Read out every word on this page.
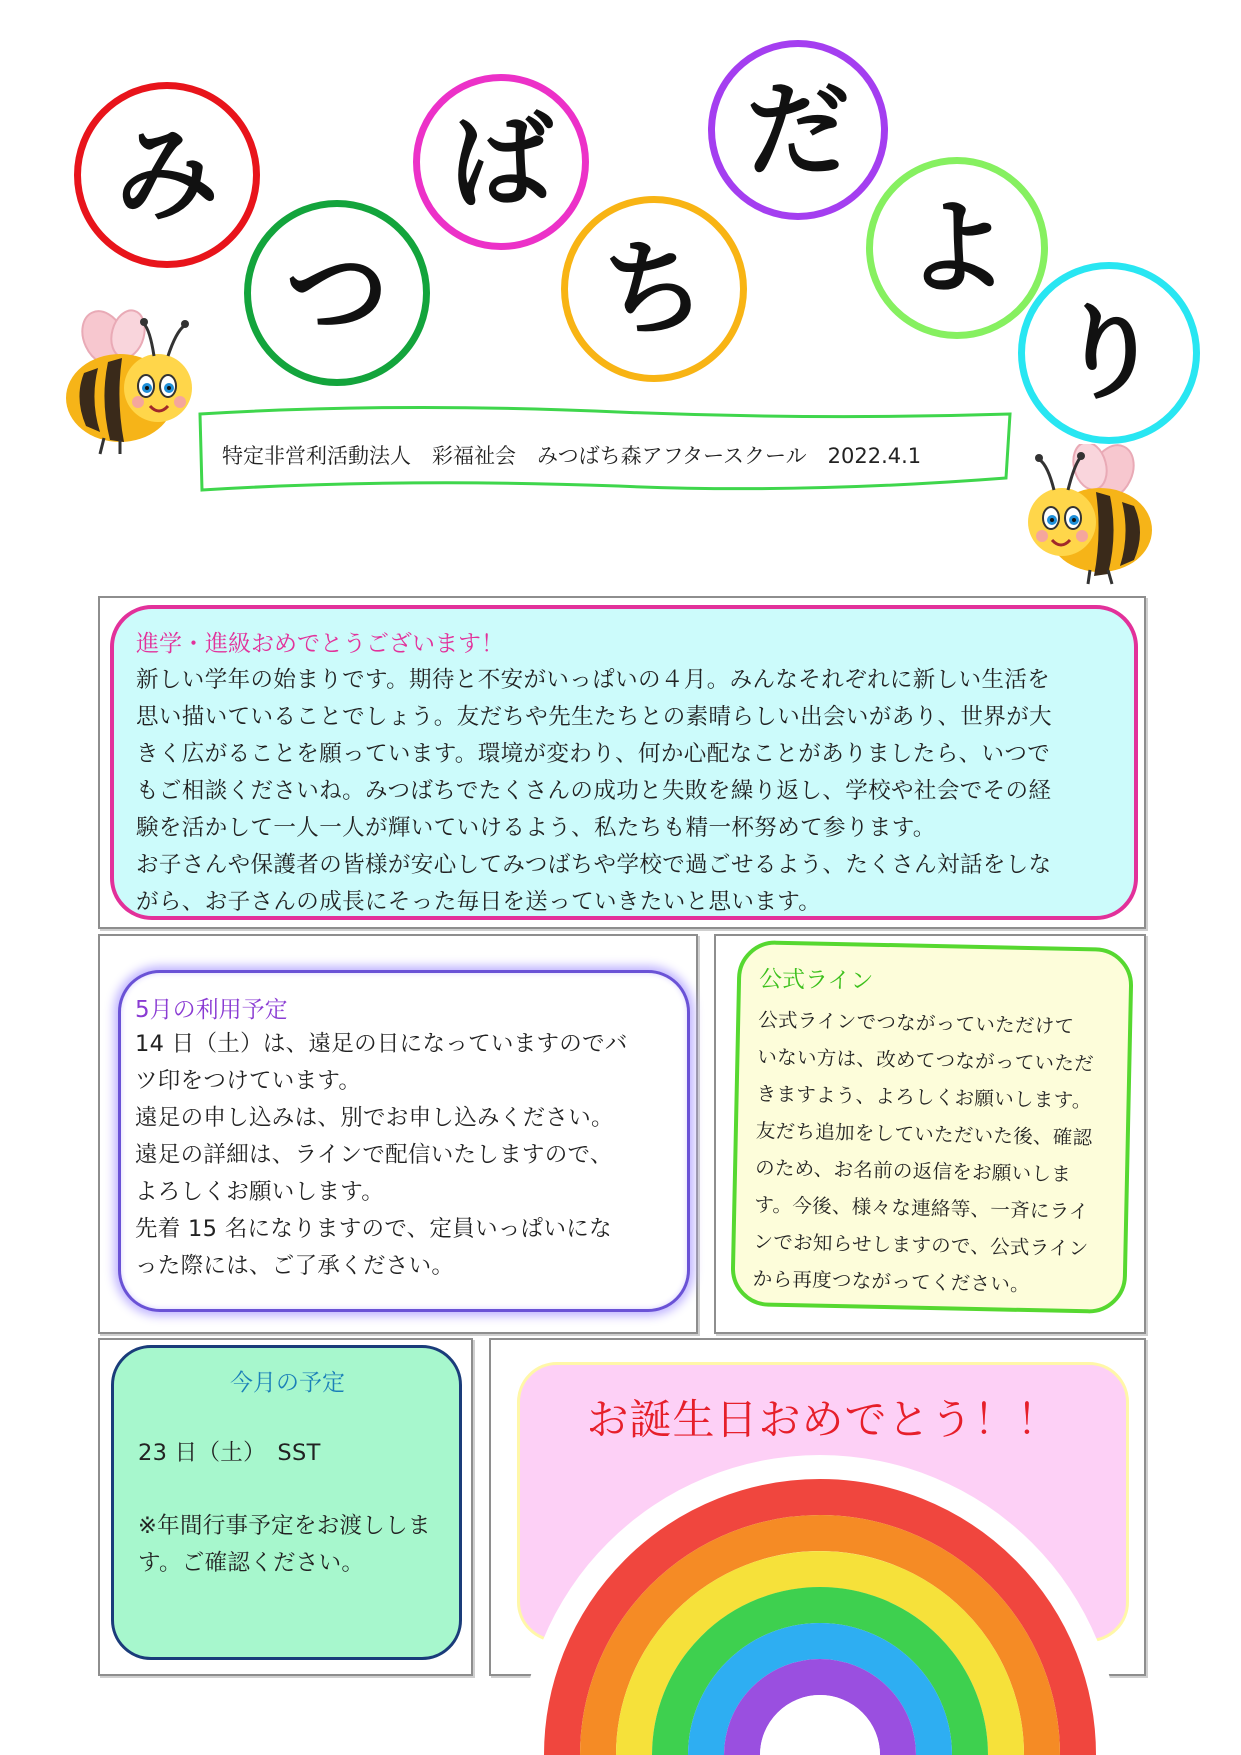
み
つ
ば
ち
だ
よ
り
特定非営利活動法人　彩福祉会　みつばち森アフタースクール　2022.4.1
進学・進級おめでとうございます！
新しい学年の始まりです。期待と不安がいっぱいの４月。みんなそれぞれに新しい生活を
思い描いていることでしょう。友だちや先生たちとの素晴らしい出会いがあり、世界が大
きく広がることを願っています。環境が変わり、何か心配なことがありましたら、いつで
もご相談くださいね。みつばちでたくさんの成功と失敗を繰り返し、学校や社会でその経
験を活かして一人一人が輝いていけるよう、私たちも精一杯努めて参ります。
お子さんや保護者の皆様が安心してみつばちや学校で過ごせるよう、たくさん対話をしな
がら、お子さんの成長にそった毎日を送っていきたいと思います。
5月の利用予定
14 日（土）は、遠足の日になっていますのでバ
ツ印をつけています。
遠足の申し込みは、別でお申し込みください。
遠足の詳細は、ラインで配信いたしますので、
よろしくお願いします。
先着 15 名になりますので、定員いっぱいにな
った際には、ご了承ください。
公式ライン
公式ラインでつながっていただけて
いない方は、改めてつながっていただ
きますよう、よろしくお願いします。
友だち追加をしていただいた後、確認
のため、お名前の返信をお願いしま
す。今後、様々な連絡等、一斉にライ
ンでお知らせしますので、公式ライン
から再度つながってください。
今月の予定
23 日（土）　SST
※年間行事予定をお渡ししま
す。ご確認ください。
お誕生日おめでとう！！
